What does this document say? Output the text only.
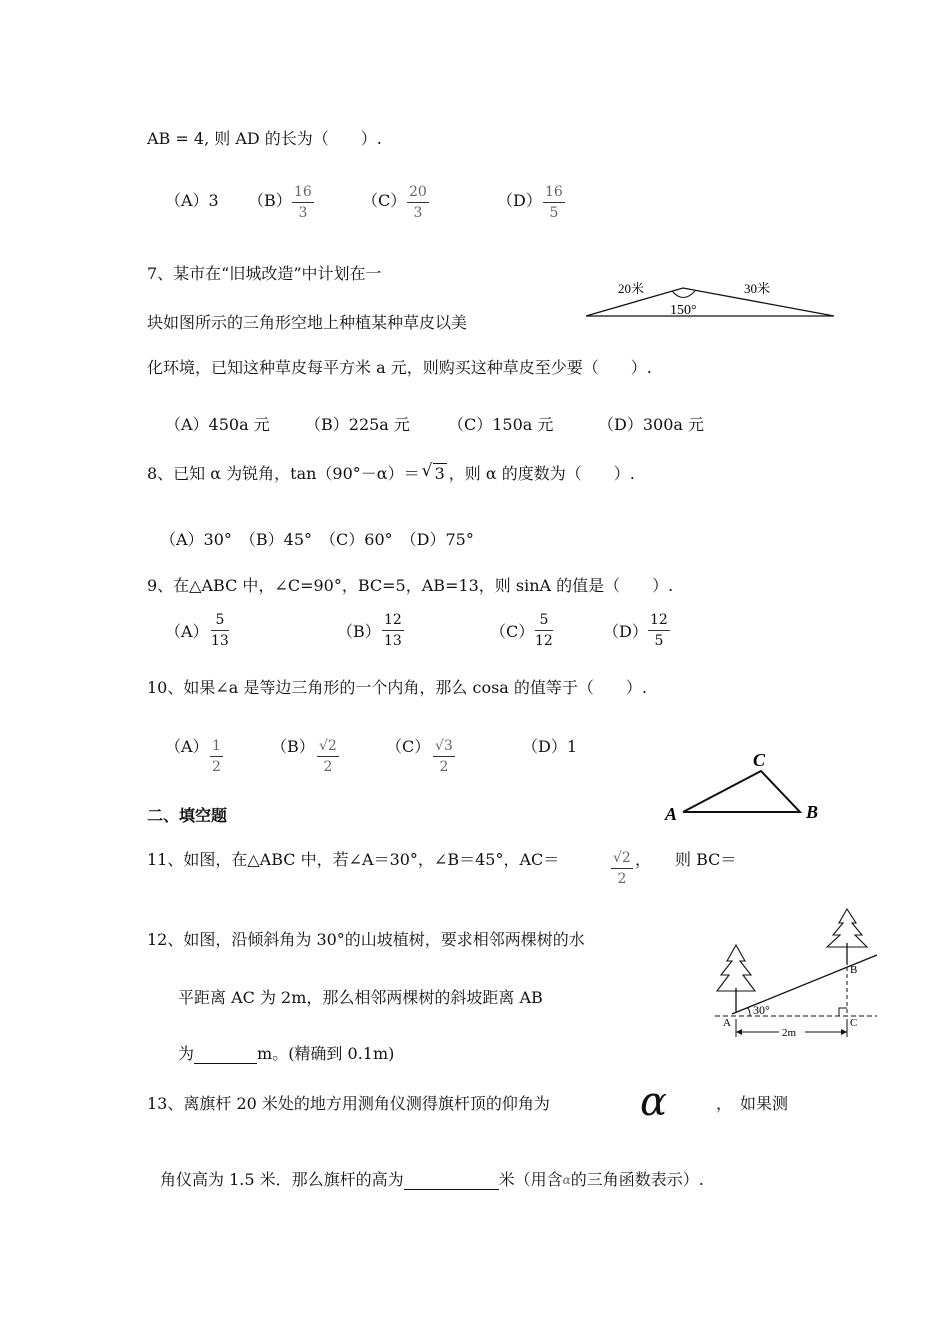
AB = 4, 则 AD 的长为（　　）.
（A）3 $(B) \frac{16}{3}$	$(C) \frac{20}{3}$	$(D) \frac{16}{5}$
7、某市在“旧城改造”中计划在一
块如图所示的三角形空地上种植某种草皮以美
化环境，已知这种草皮每平方米 a 元，则购买这种草皮至少要（　　）.
20米	30米
150°
（A）450a 元 （B）225a 元 （C）150a 元	（D）300a 元
8、已知 α 为锐角，tan（90°－α）＝ √ 3 ，则 α 的度数为（　　）.
（A）30°　（B）45°　（C）60°　（D）75°
9、在△ABC 中，∠C=90°，BC=5，AB=13，则 sinA 的值是（　　）.
$(A) \frac{5}{13}$	$(B) \frac{12}{13}$	$(C) \frac{5}{12}$	$(D) \frac{12}{5}$
10、如果∠a 是等边三角形的一个内角，那么 cosa 的值等于（　　）.
$(A) \frac{1}{2}$	$(B) \frac{√2}{2}$	$(C) \frac{√3}{2}$	（D）1
C
A	B
二、填空题
11、如图，在△ABC 中，若∠A＝30°，∠B＝45°，AC＝	$\frac{√2}{2}$ ，　　则 BC＝
12、如图，沿倾斜角为 30°的山坡植树，要求相邻两棵树的水
平距离 AC 为 2m，那么相邻两棵树的斜坡距离 AB
为	m。(精确到 0.1m)
30°
A
B
C
2m
13、离旗杆 20 米处的地方用测角仪测得旗杆顶的仰角为 α	，　如果测
角仪高为 1.5 米．那么旗杆的高为	米（用含$^\alpha$的三角函数表示）.
